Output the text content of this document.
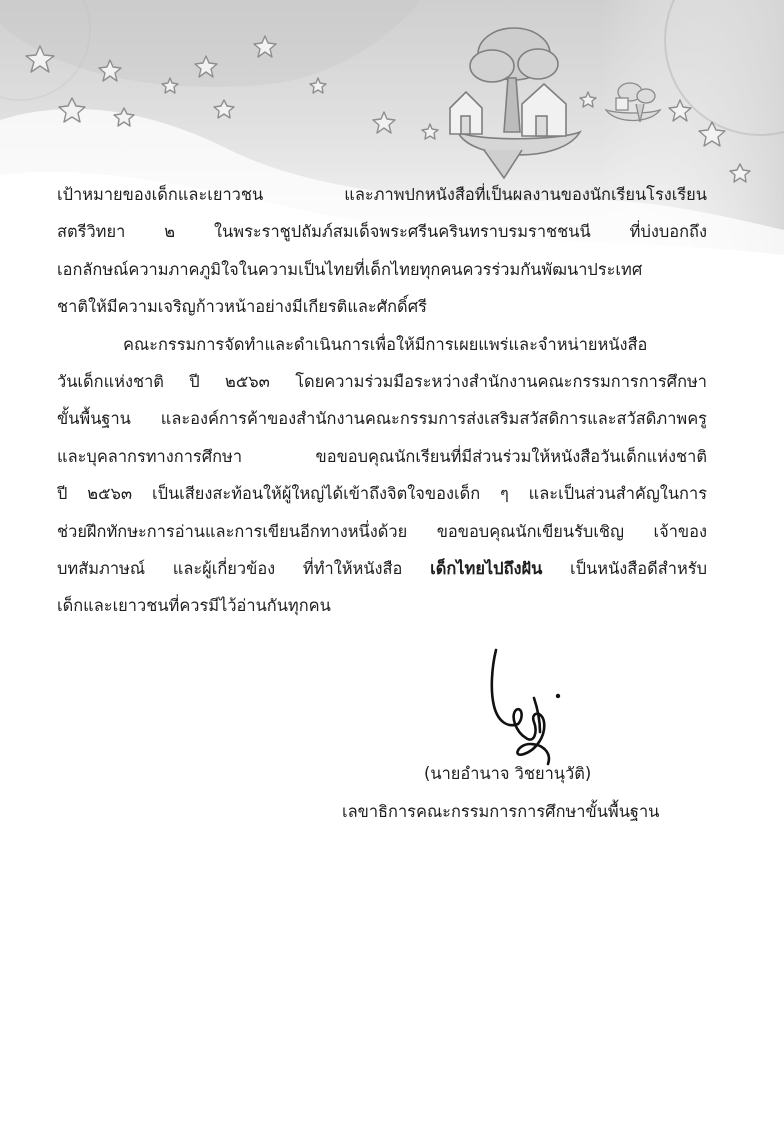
เป้าหมายของเด็กและเยาวชน และภาพปกหนังสือที่เป็นผลงานของนักเรียนโรงเรียน
สตรีวิทยา ๒ ในพระราชูปถัมภ์สมเด็จพระศรีนครินทราบรมราชชนนี ที่บ่งบอกถึง
เอกลักษณ์ความภาคภูมิใจในความเป็นไทยที่เด็กไทยทุกคนควรร่วมกันพัฒนาประเทศ
ชาติให้มีความเจริญก้าวหน้าอย่างมีเกียรติและศักดิ์ศรี
คณะกรรมการจัดทำและดำเนินการเพื่อให้มีการเผยแพร่และจำหน่ายหนังสือ
วันเด็กแห่งชาติ ปี ๒๕๖๓ โดยความร่วมมือระหว่างสำนักงานคณะกรรมการการศึกษา
ขั้นพื้นฐาน และองค์การค้าของสำนักงานคณะกรรมการส่งเสริมสวัสดิการและสวัสดิภาพครู
และบุคลากรทางการศึกษา ขอขอบคุณนักเรียนที่มีส่วนร่วมให้หนังสือวันเด็กแห่งชาติ
ปี ๒๕๖๓ เป็นเสียงสะท้อนให้ผู้ใหญ่ได้เข้าถึงจิตใจของเด็ก ๆ และเป็นส่วนสำคัญในการ
ช่วยฝึกทักษะการอ่านและการเขียนอีกทางหนึ่งด้วย ขอขอบคุณนักเขียนรับเชิญ เจ้าของ
บทสัมภาษณ์ และผู้เกี่ยวข้อง ที่ทำให้หนังสือ เด็กไทยไปถึงฝัน เป็นหนังสือดีสำหรับ
เด็กและเยาวชนที่ควรมีไว้อ่านกันทุกคน
(นายอำนาจ วิชยานุวัติ)
เลขาธิการคณะกรรมการการศึกษาขั้นพื้นฐาน
